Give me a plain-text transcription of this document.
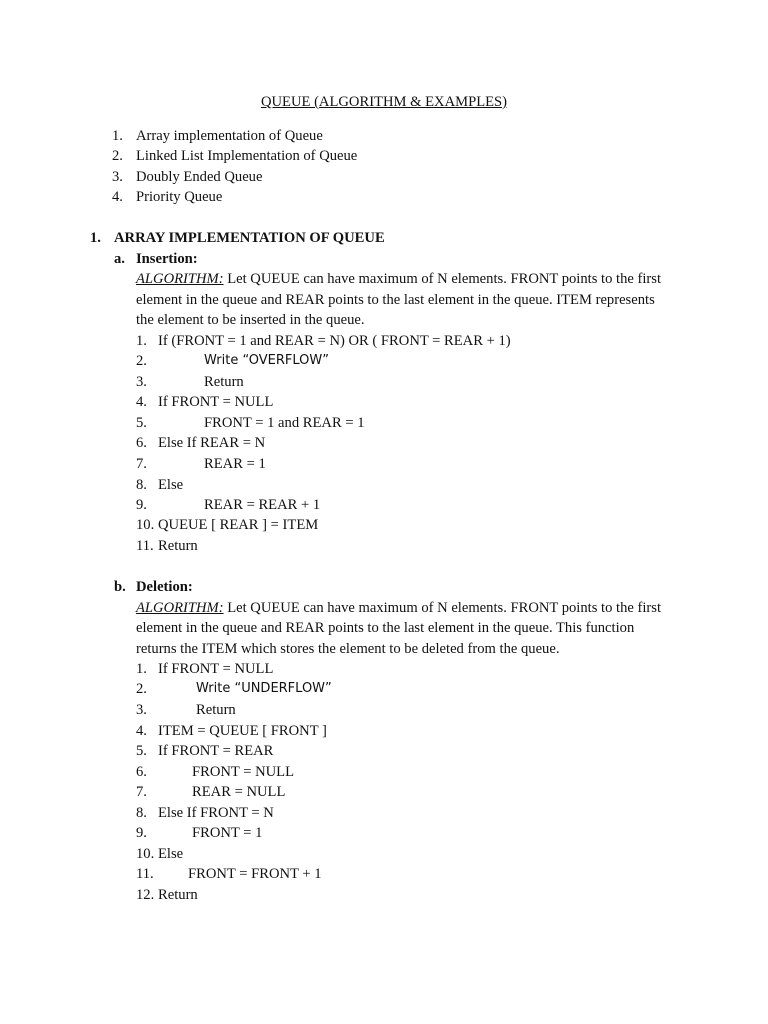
QUEUE (ALGORITHM & EXAMPLES)
1. Array implementation of Queue
2. Linked List Implementation of Queue
3. Doubly Ended Queue
4. Priority Queue
1. ARRAY IMPLEMENTATION OF QUEUE
a. Insertion:
ALGORITHM: Let QUEUE can have maximum of N elements. FRONT points to the first
element in the queue and REAR points to the last element in the queue. ITEM represents
the element to be inserted in the queue.
1. If (FRONT = 1 and REAR = N) OR ( FRONT = REAR + 1)
2.	Write “OVERFLOW”
3.	Return
4. If FRONT = NULL
5.	FRONT = 1 and REAR = 1
6. Else If REAR = N
7.	REAR = 1
8. Else
9.	REAR = REAR + 1
10. QUEUE [ REAR ] = ITEM
11. Return
b. Deletion:
ALGORITHM: Let QUEUE can have maximum of N elements. FRONT points to the first
element in the queue and REAR points to the last element in the queue. This function
returns the ITEM which stores the element to be deleted from the queue.
1. If FRONT = NULL
2.	Write “UNDERFLOW”
3.	Return
4. ITEM = QUEUE [ FRONT ]
5. If FRONT = REAR
6.	FRONT = NULL
7.	REAR = NULL
8. Else If FRONT = N
9.	FRONT = 1
10. Else
11. FRONT = FRONT + 1
12. Return
